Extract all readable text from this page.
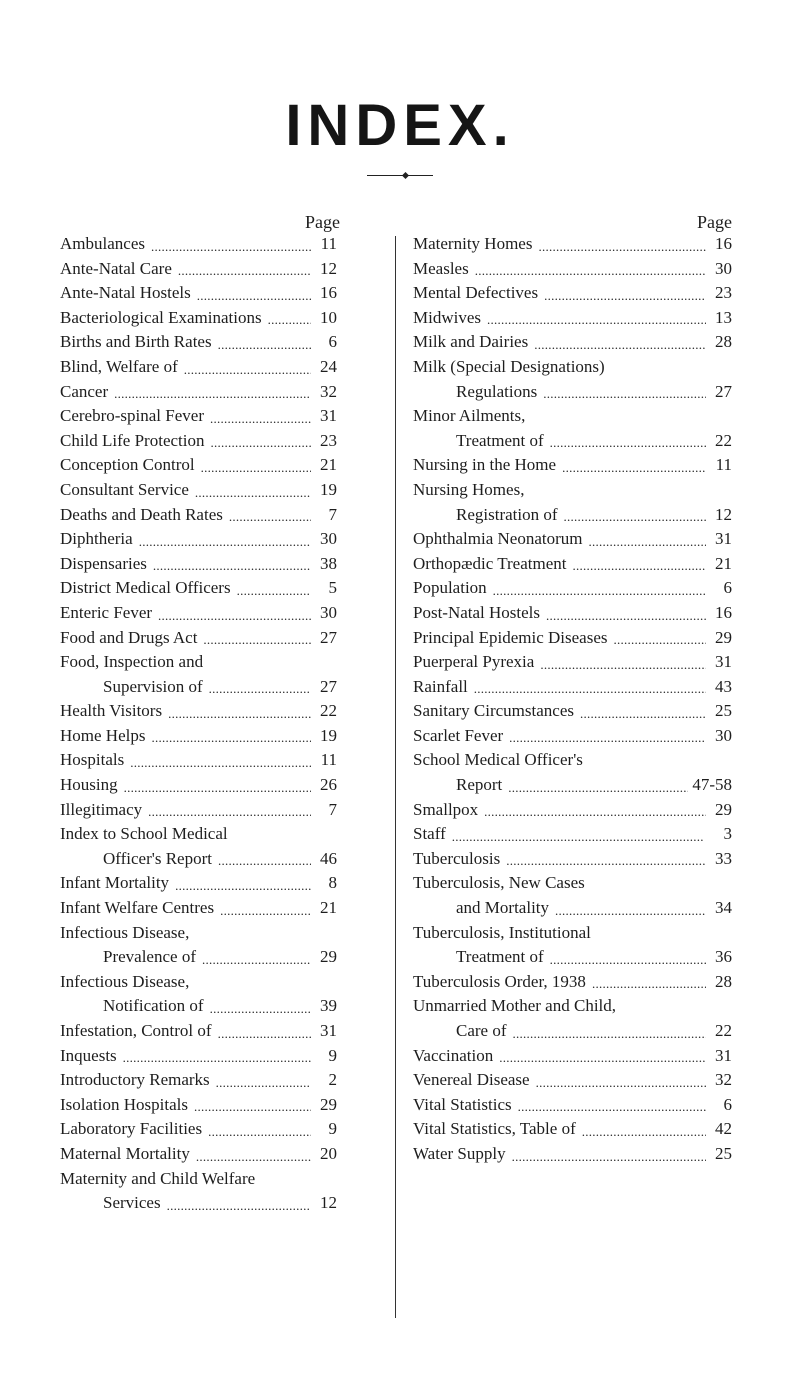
INDEX.
Page
Ambulances . . .	11
Ante-Natal Care . . .	12
Ante-Natal Hostels . . .	16
Bacteriological Examinations . . .	10
Births and Birth Rates . . .	6
Blind, Welfare of . . .	24
Cancer . . .	32
Cerebro-spinal Fever . . .	31
Child Life Protection . . .	23
Conception Control . . .	21
Consultant Service . . .	19
Deaths and Death Rates . . .	7
Diphtheria . . .	30
Dispensaries . . .	38
District Medical Officers . . .	5
Enteric Fever . . .	30
Food and Drugs Act . . .	27
Food, Inspection and
Supervision of . . .	27
Health Visitors . . .	22
Home Helps . . .	19
Hospitals . . .	11
Housing . . .	26
Illegitimacy . . .	7
Index to School Medical
Officer's Report . . .	46
Infant Mortality . . .	8
Infant Welfare Centres . . .	21
Infectious Disease,
Prevalence of . . .	29
Infectious Disease,
Notification of . . .	39
Infestation, Control of . . .	31
Inquests . . .	9
Introductory Remarks . . .	2
Isolation Hospitals . . .	29
Laboratory Facilities . . .	9
Maternal Mortality . . .	20
Maternity and Child Welfare
Services . . .	12
Page
Maternity Homes . . .	16
Measles . . .	30
Mental Defectives . . .	23
Midwives . . .	13
Milk and Dairies . . .	28
Milk (Special Designations)
Regulations . . .	27
Minor Ailments,
Treatment of . . .	22
Nursing in the Home . . .	11
Nursing Homes,
Registration of . . .	12
Ophthalmia Neonatorum . . .	31
Orthopædic Treatment . . .	21
Population . . .	6
Post-Natal Hostels . . .	16
Principal Epidemic Diseases . . .	29
Puerperal Pyrexia . . .	31
Rainfall . . .	43
Sanitary Circumstances . . .	25
Scarlet Fever . . .	30
School Medical Officer's
Report . . .	47-58
Smallpox . . .	29
Staff . . .	3
Tuberculosis . . .	33
Tuberculosis, New Cases
and Mortality . . .	34
Tuberculosis, Institutional
Treatment of . . .	36
Tuberculosis Order, 1938 . . .	28
Unmarried Mother and Child,
Care of . . .	22
Vaccination . . .	31
Venereal Disease . . .	32
Vital Statistics . . .	6
Vital Statistics, Table of . . .	42
Water Supply . . .	25
